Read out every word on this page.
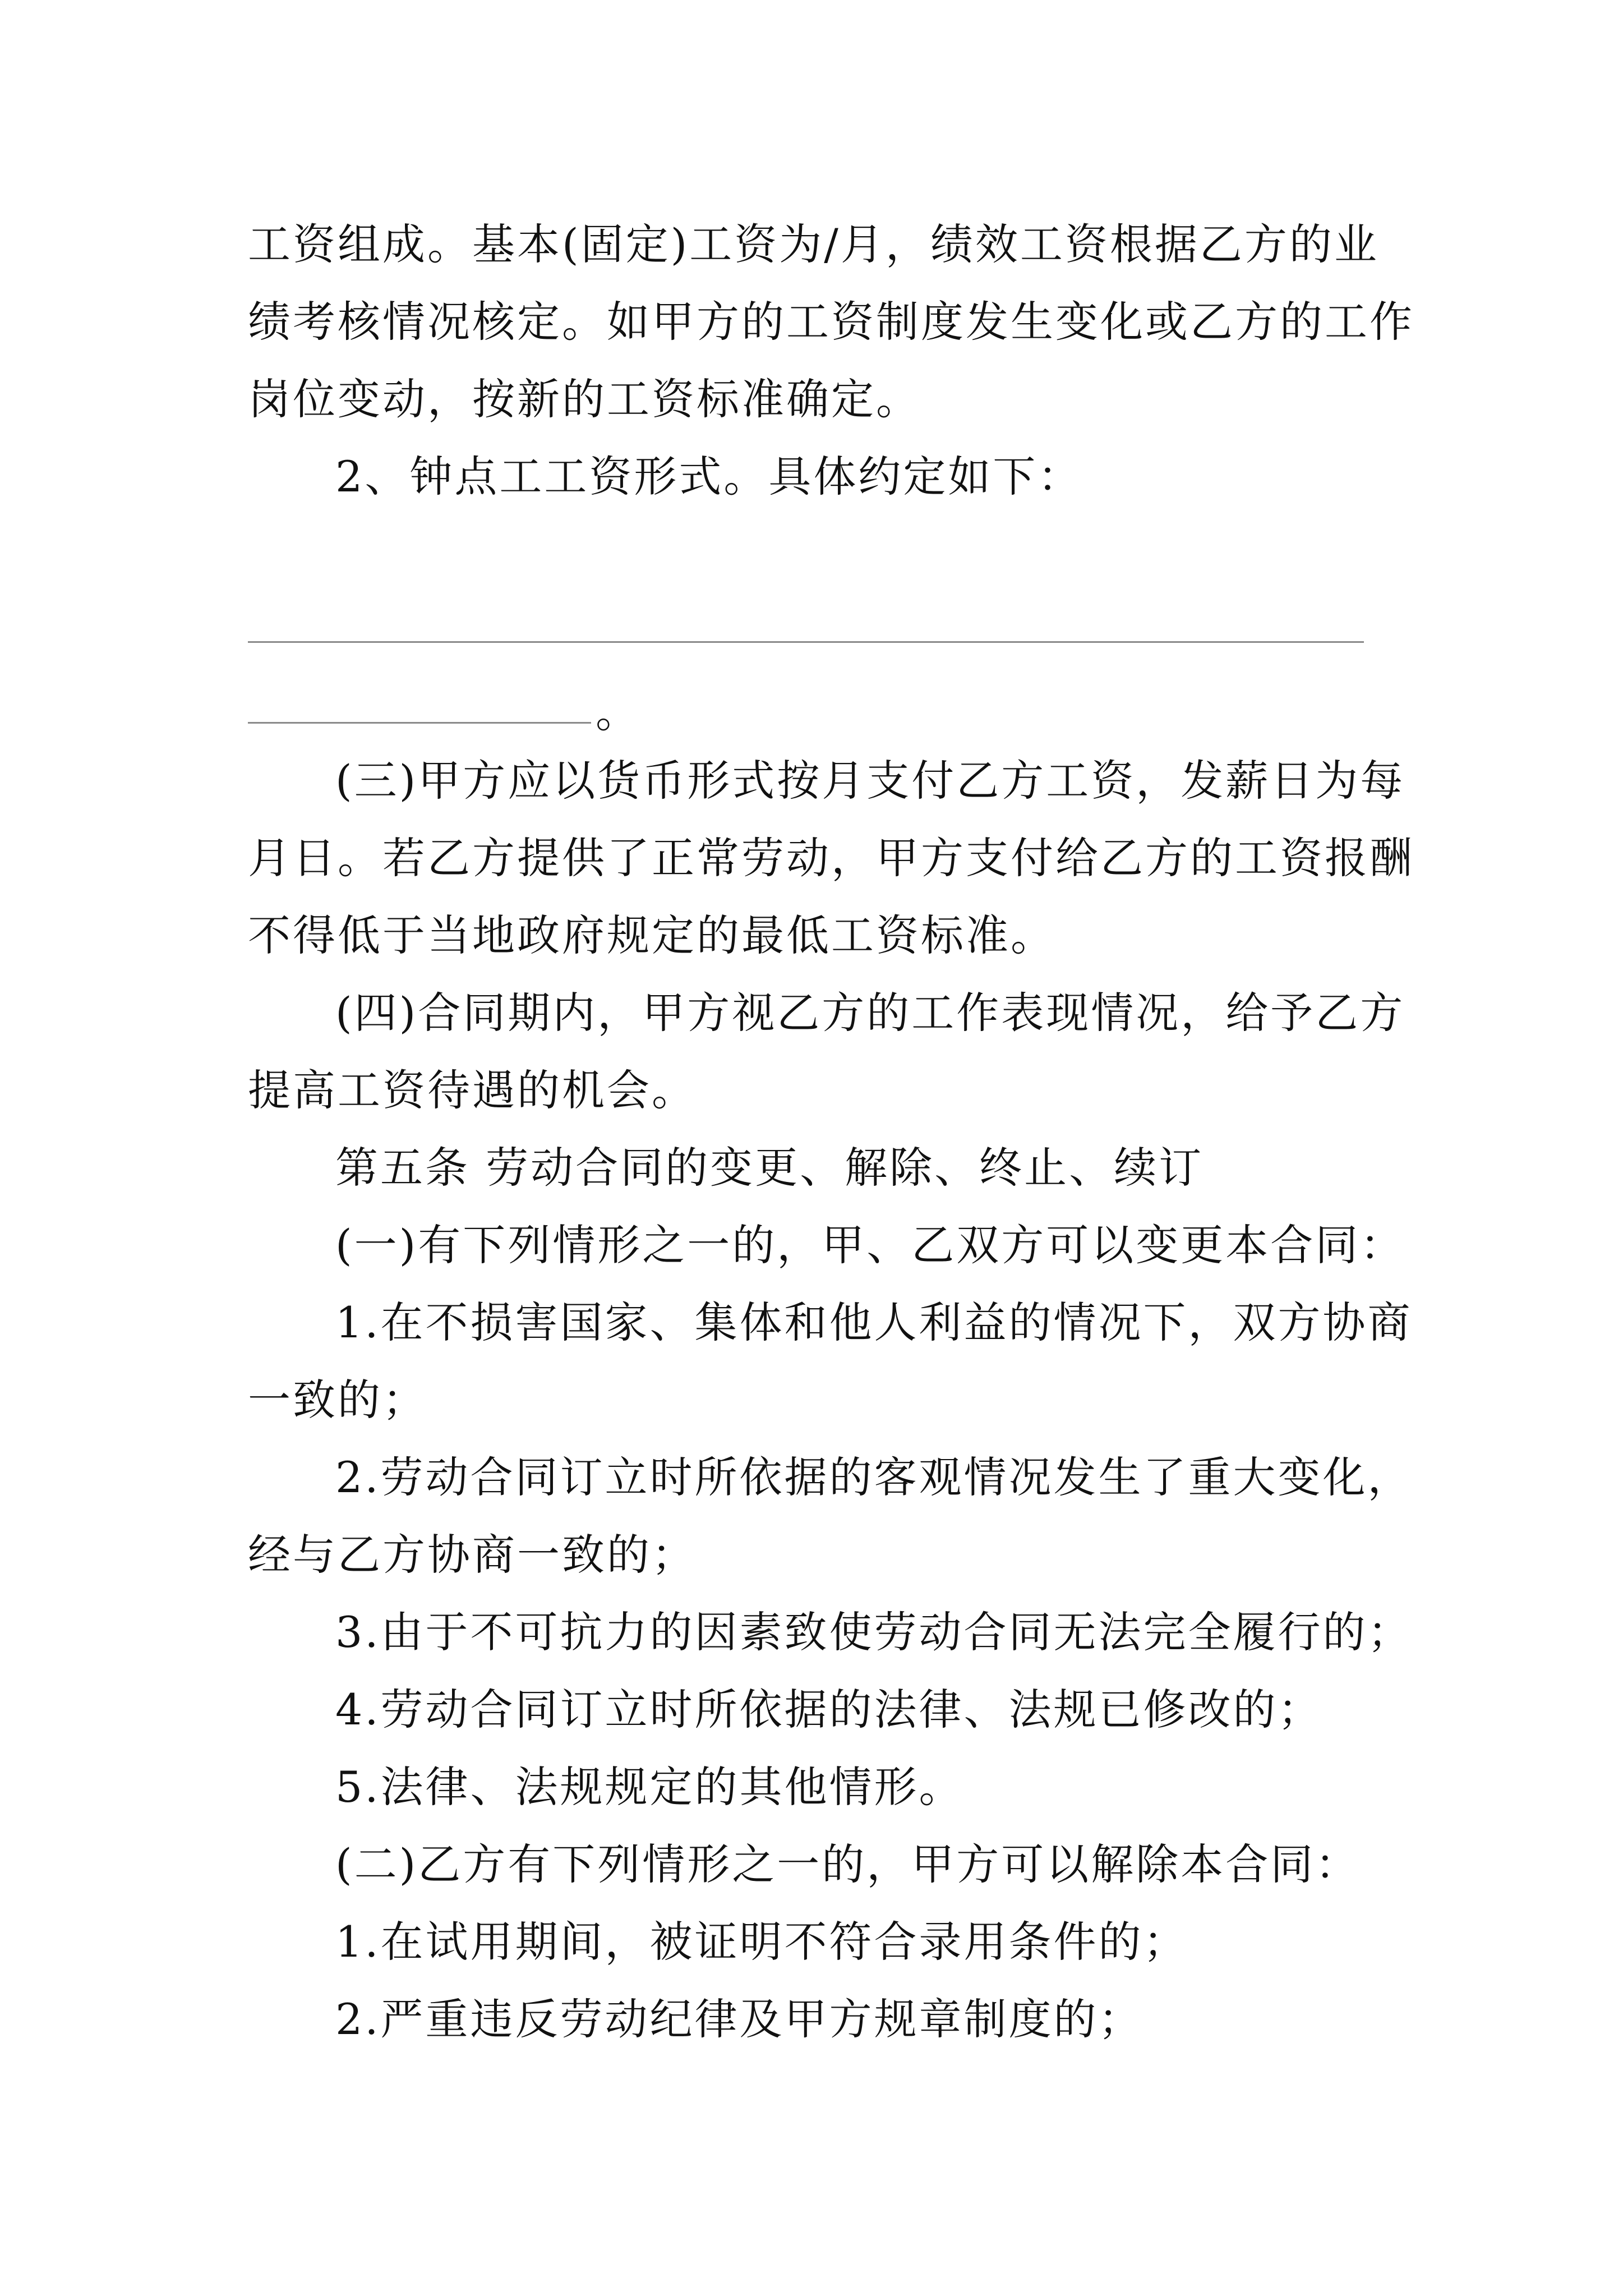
工资组成。基本(固定)工资为/月，绩效工资根据乙方的业
绩考核情况核定。如甲方的工资制度发生变化或乙方的工作
岗位变动，按新的工资标准确定。
2、钟点工工资形式。具体约定如下：
。
(三)甲方应以货币形式按月支付乙方工资，发薪日为每
月日。若乙方提供了正常劳动，甲方支付给乙方的工资报酬
不得低于当地政府规定的最低工资标准。
(四)合同期内，甲方视乙方的工作表现情况，给予乙方
提高工资待遇的机会。
第五条 劳动合同的变更、解除、终止、续订
(一)有下列情形之一的，甲、乙双方可以变更本合同：
1.在不损害国家、集体和他人利益的情况下，双方协商
一致的；
2.劳动合同订立时所依据的客观情况发生了重大变化，
经与乙方协商一致的；
3.由于不可抗力的因素致使劳动合同无法完全履行的；
4.劳动合同订立时所依据的法律、法规已修改的；
5.法律、法规规定的其他情形。
(二)乙方有下列情形之一的，甲方可以解除本合同：
1.在试用期间，被证明不符合录用条件的；
2.严重违反劳动纪律及甲方规章制度的；
